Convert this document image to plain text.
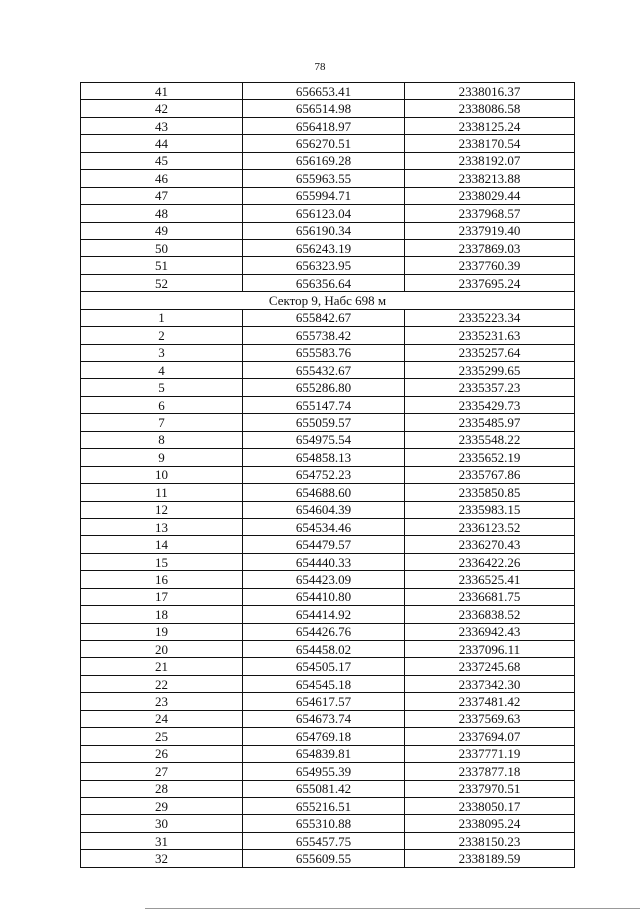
78
41	656653.41	2338016.37
42	656514.98	2338086.58
43	656418.97	2338125.24
44	656270.51	2338170.54
45	656169.28	2338192.07
46	655963.55	2338213.88
47	655994.71	2338029.44
48	656123.04	2337968.57
49	656190.34	2337919.40
50	656243.19	2337869.03
51	656323.95	2337760.39
52	656356.64	2337695.24
Сектор 9, Набс 698 м		
1	655842.67	2335223.34
2	655738.42	2335231.63
3	655583.76	2335257.64
4	655432.67	2335299.65
5	655286.80	2335357.23
6	655147.74	2335429.73
7	655059.57	2335485.97
8	654975.54	2335548.22
9	654858.13	2335652.19
10	654752.23	2335767.86
11	654688.60	2335850.85
12	654604.39	2335983.15
13	654534.46	2336123.52
14	654479.57	2336270.43
15	654440.33	2336422.26
16	654423.09	2336525.41
17	654410.80	2336681.75
18	654414.92	2336838.52
19	654426.76	2336942.43
20	654458.02	2337096.11
21	654505.17	2337245.68
22	654545.18	2337342.30
23	654617.57	2337481.42
24	654673.74	2337569.63
25	654769.18	2337694.07
26	654839.81	2337771.19
27	654955.39	2337877.18
28	655081.42	2337970.51
29	655216.51	2338050.17
30	655310.88	2338095.24
31	655457.75	2338150.23
32	655609.55	2338189.59
